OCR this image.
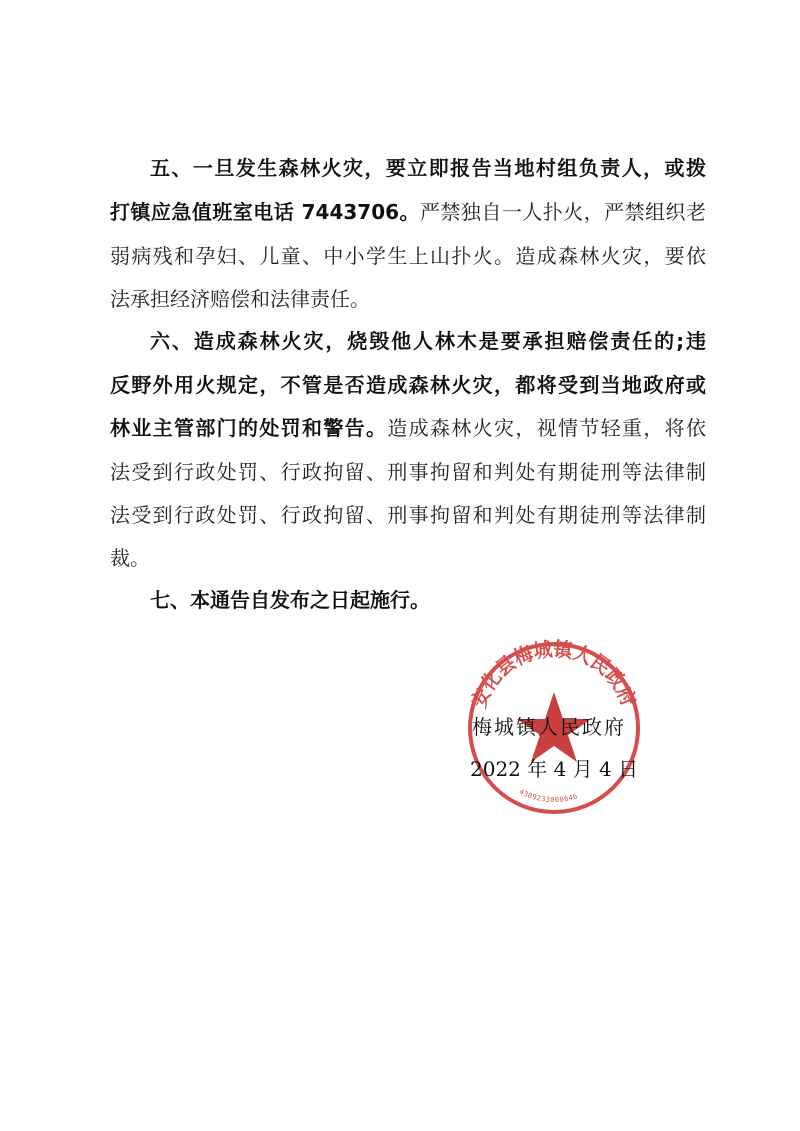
五、一旦发生森林火灾，要立即报告当地村组负责人，或拨
打镇应急值班室电话 7443706。严禁独自一人扑火，严禁组织老
弱病残和孕妇、儿童、中小学生上山扑火。造成森林火灾，要依
法承担经济赔偿和法律责任。
六、造成森林火灾，烧毁他人林木是要承担赔偿责任的;违
反野外用火规定，不管是否造成森林火灾，都将受到当地政府或
林业主管部门的处罚和警告。造成森林火灾，视情节轻重，将依
法受到行政处罚、行政拘留、刑事拘留和判处有期徒刑等法律制
法受到行政处罚、行政拘留、刑事拘留和判处有期徒刑等法律制
裁。
七、本通告自发布之日起施行。
安化县梅城镇人民政府
4309233000646
梅城镇人民政府
2022 年 4 月 4 日
